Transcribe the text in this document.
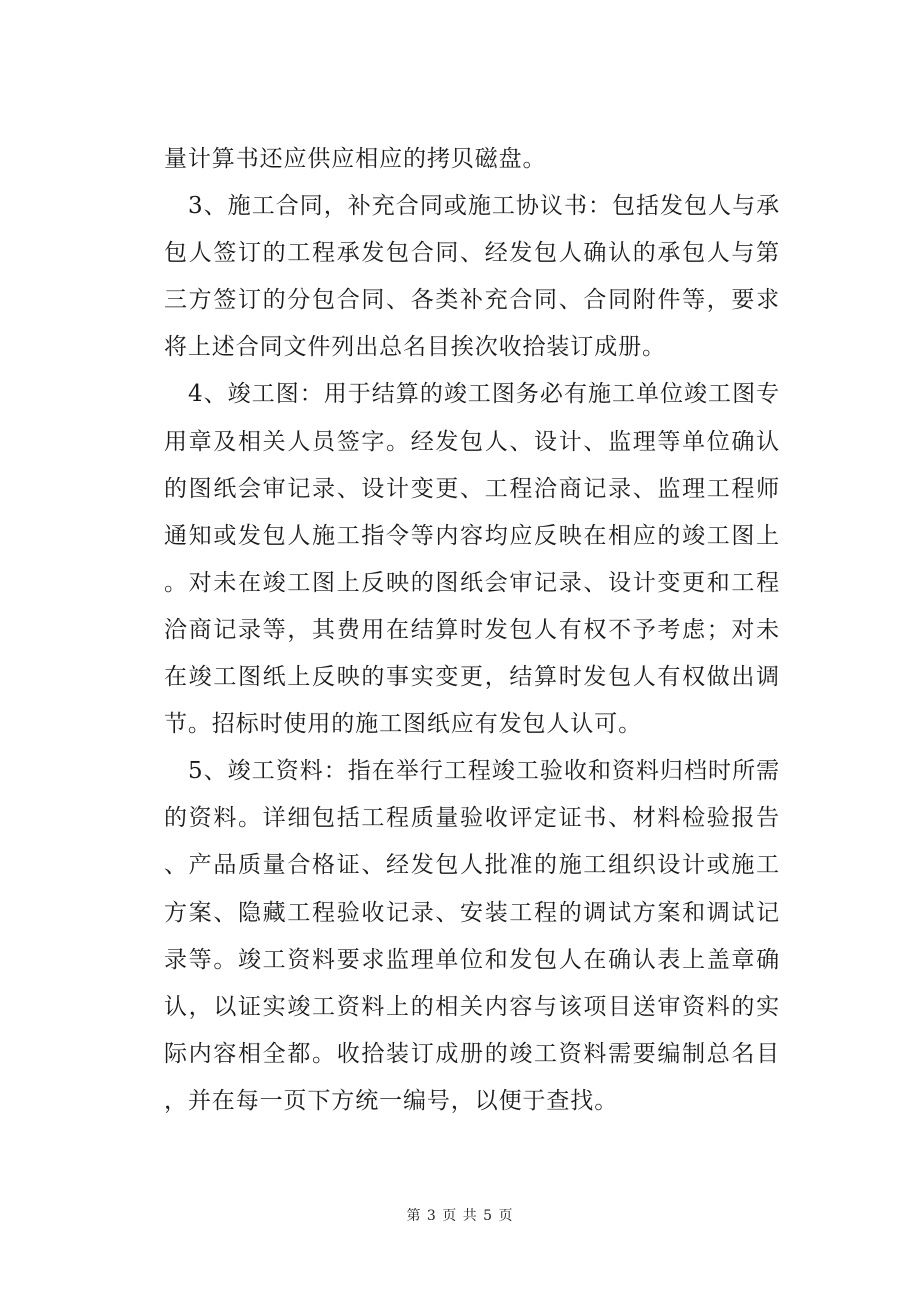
量计算书还应供应相应的拷贝磁盘。

3、施工合同，补充合同或施工协议书：包括发包人与承包人签订的工程承发包合同、经发包人确认的承包人与第三方签订的分包合同、各类补充合同、合同附件等，要求将上述合同文件列出总名目挨次收拾装订成册。

4、竣工图：用于结算的竣工图务必有施工单位竣工图专用章及相关人员签字。经发包人、设计、监理等单位确认的图纸会审记录、设计变更、工程洽商记录、监理工程师通知或发包人施工指令等内容均应反映在相应的竣工图上。对未在竣工图上反映的图纸会审记录、设计变更和工程洽商记录等，其费用在结算时发包人有权不予考虑；对未在竣工图纸上反映的事实变更，结算时发包人有权做出调节。招标时使用的施工图纸应有发包人认可。

5、竣工资料：指在举行工程竣工验收和资料归档时所需的资料。详细包括工程质量验收评定证书、材料检验报告、产品质量合格证、经发包人批准的施工组织设计或施工方案、隐藏工程验收记录、安装工程的调试方案和调试记录等。竣工资料要求监理单位和发包人在确认表上盖章确认，以证实竣工资料上的相关内容与该项目送审资料的实际内容相全都。收拾装订成册的竣工资料需要编制总名目，并在每一页下方统一编号，以便于查找。

第 3 页 共 5 页
